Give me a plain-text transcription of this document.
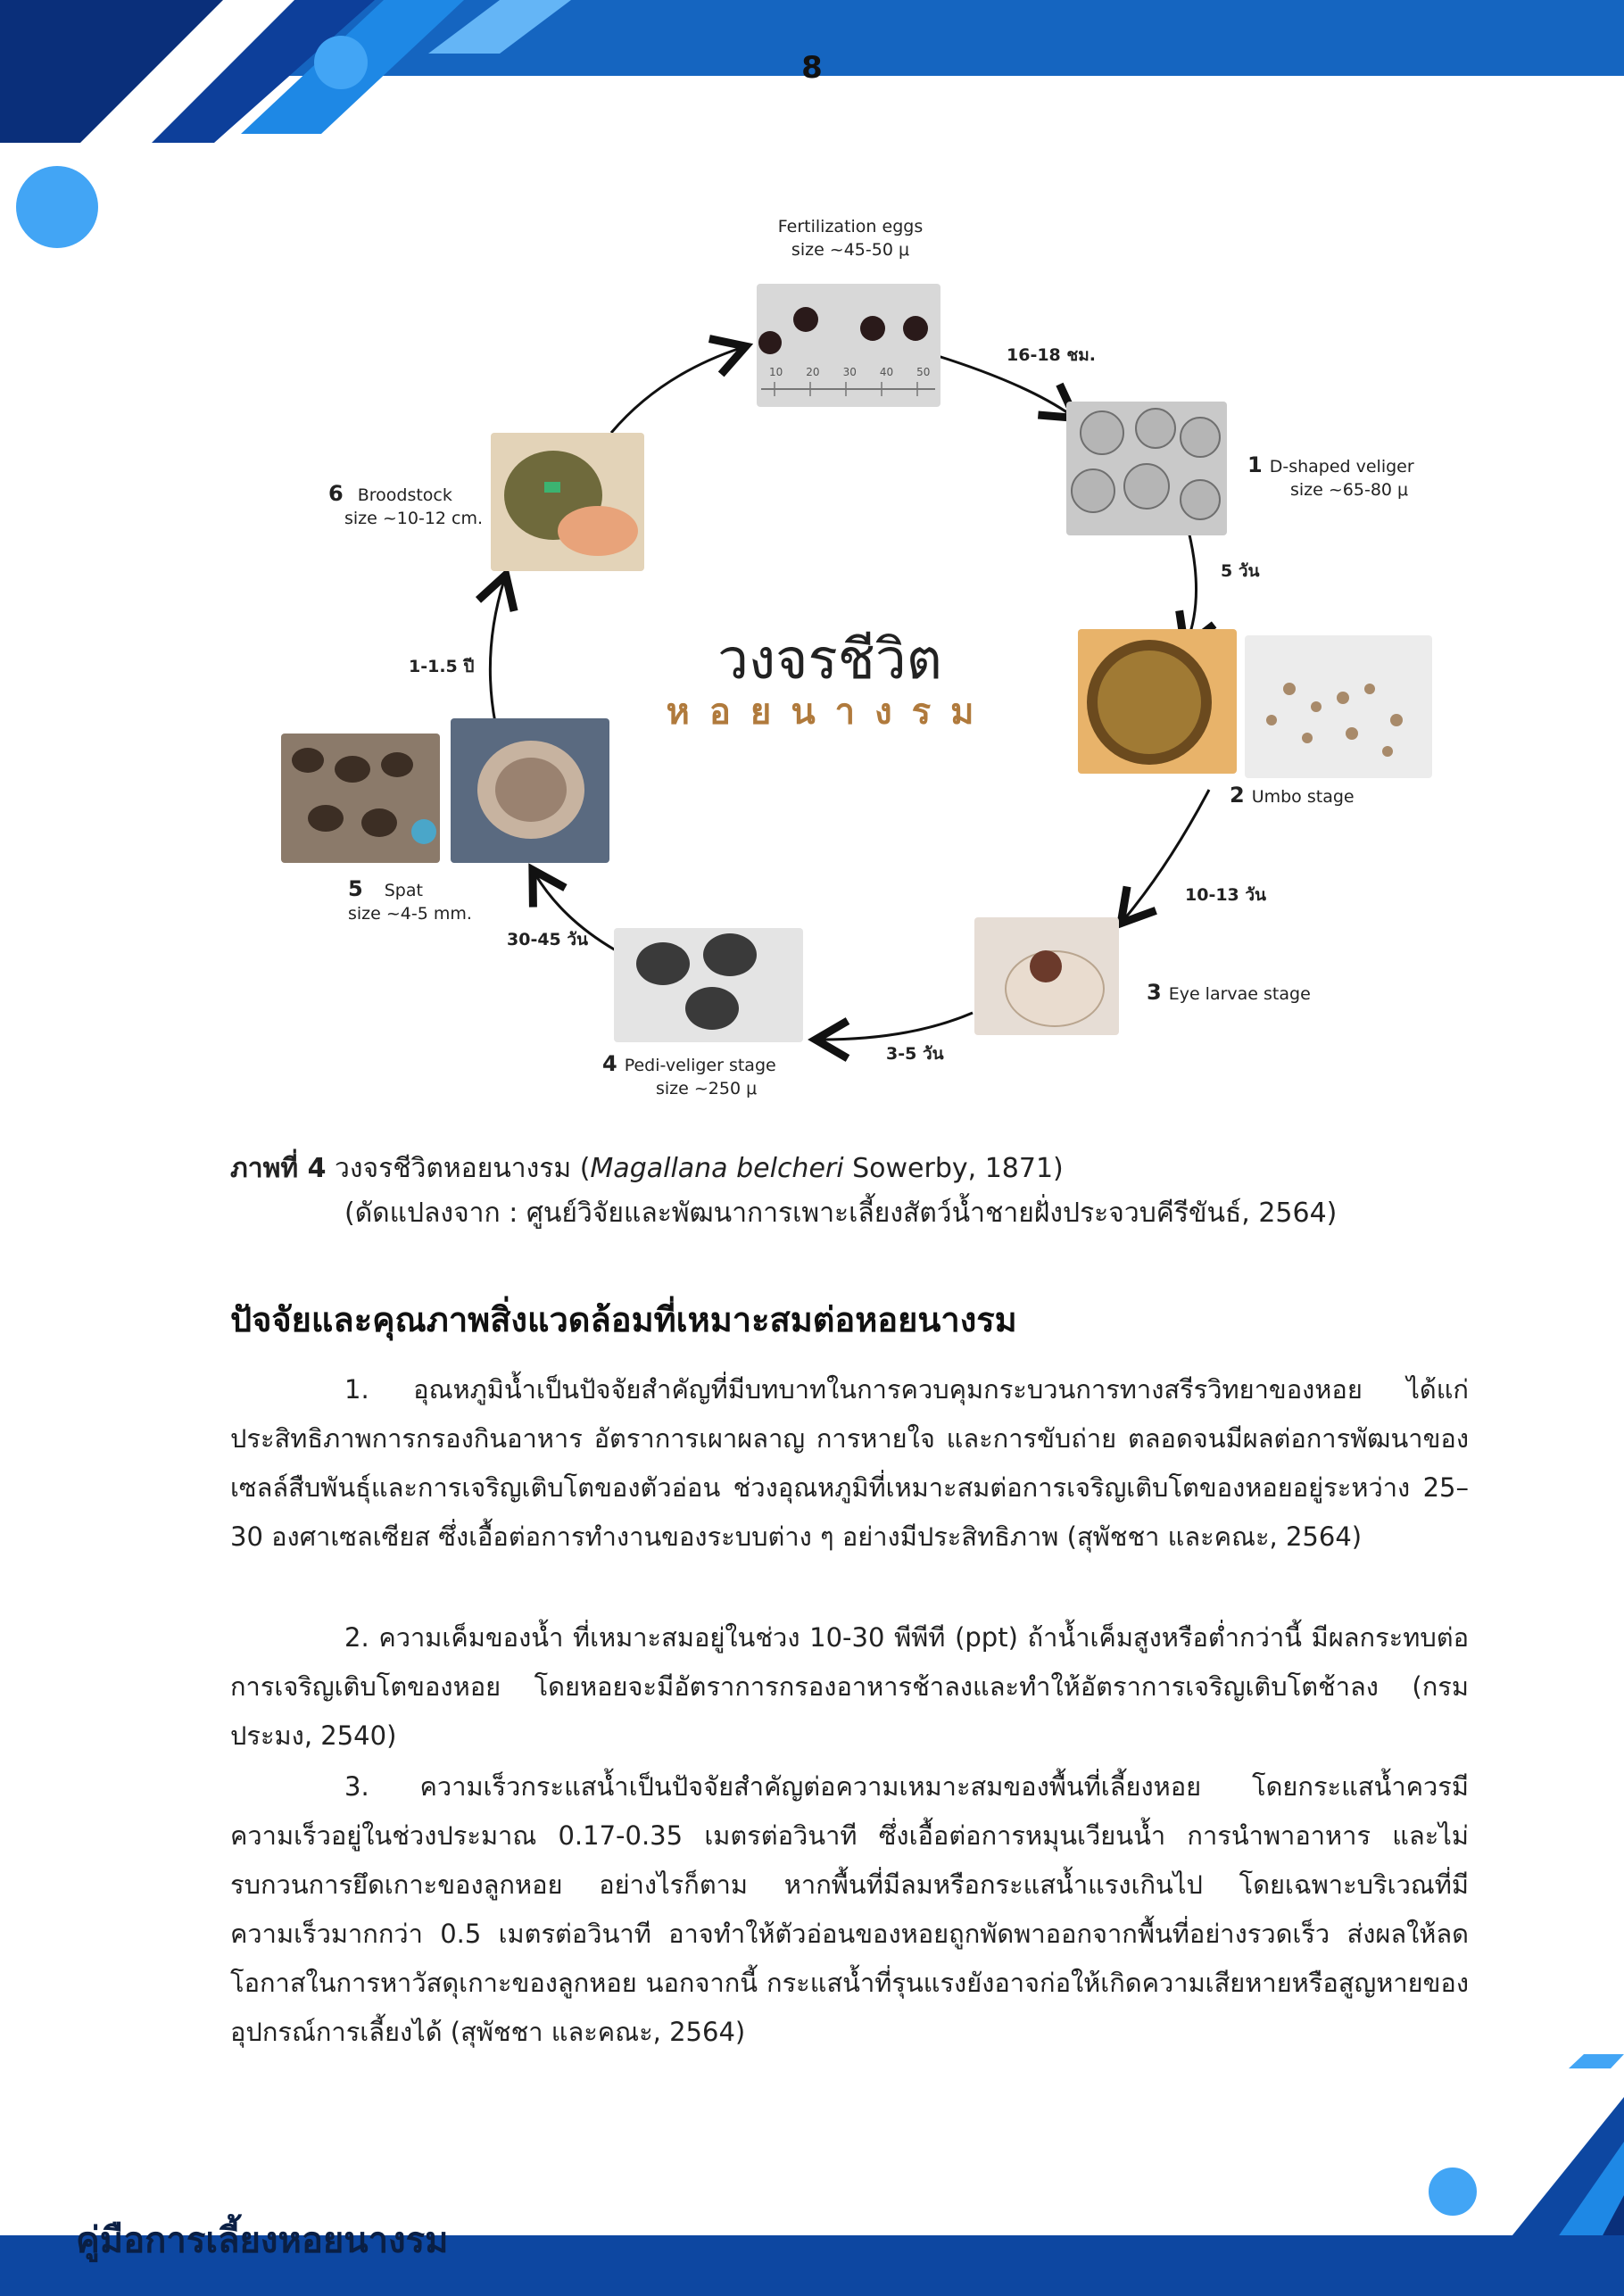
8
10 20 30 40 50
Fertilization eggs
size ~45-50 μ
1 D-shaped veliger
size ~65-80 μ
2 Umbo stage
3 Eye larvae stage
4 Pedi-veliger stage
size ~250 μ
5 Spat
size ~4-5 mm.
6 Broodstock
size ~10-12 cm.
16-18 ชม.
5 วัน
10-13 วัน
3-5 วัน
30-45 วัน
1-1.5 ปี	วงจรชีวิต
หอยนางรม
ภาพที่ 4 วงจรชีวิตหอยนางรม (Magallana belcheri Sowerby, 1871)
(ดัดแปลงจาก : ศูนย์วิจัยและพัฒนาการเพาะเลี้ยงสัตว์น้ำชายฝั่งประจวบคีรีขันธ์, 2564)
ปัจจัยและคุณภาพสิ่งแวดล้อมที่เหมาะสมต่อหอยนางรม
1. อุณหภูมิน้ำเป็นปัจจัยสำคัญที่มีบทบาทในการควบคุมกระบวนการทางสรีรวิทยาของหอย ได้แก่ ประสิทธิภาพการกรองกินอาหาร อัตราการเผาผลาญ การหายใจ และการขับถ่าย ตลอดจนมีผลต่อการพัฒนาของเซลล์สืบพันธุ์และการเจริญเติบโตของตัวอ่อน ช่วงอุณหภูมิที่เหมาะสมต่อการเจริญเติบโตของหอยอยู่ระหว่าง 25–30 องศาเซลเซียส ซึ่งเอื้อต่อการทำงานของระบบต่าง ๆ อย่างมีประสิทธิภาพ (สุพัชชา และคณะ, 2564)
2. ความเค็มของน้ำ ที่เหมาะสมอยู่ในช่วง 10-30 พีพีที (ppt) ถ้าน้ำเค็มสูงหรือต่ำกว่านี้ มีผลกระทบต่อการเจริญเติบโตของหอย โดยหอยจะมีอัตราการกรองอาหารช้าลงและทำให้อัตราการเจริญเติบโตช้าลง (กรมประมง, 2540)
3. ความเร็วกระแสน้ำเป็นปัจจัยสำคัญต่อความเหมาะสมของพื้นที่เลี้ยงหอย โดยกระแสน้ำควรมีความเร็วอยู่ในช่วงประมาณ 0.17-0.35 เมตรต่อวินาที ซึ่งเอื้อต่อการหมุนเวียนน้ำ การนำพาอาหาร และไม่รบกวนการยึดเกาะของลูกหอย อย่างไรก็ตาม หากพื้นที่มีลมหรือกระแสน้ำแรงเกินไป โดยเฉพาะบริเวณที่มีความเร็วมากกว่า 0.5 เมตรต่อวินาที อาจทำให้ตัวอ่อนของหอยถูกพัดพาออกจากพื้นที่อย่างรวดเร็ว ส่งผลให้ลดโอกาสในการหาวัสดุเกาะของลูกหอย นอกจากนี้ กระแสน้ำที่รุนแรงยังอาจก่อให้เกิดความเสียหายหรือสูญหายของอุปกรณ์การเลี้ยงได้ (สุพัชชา และคณะ, 2564)
คู่มือการเลี้ยงหอยนางรม
